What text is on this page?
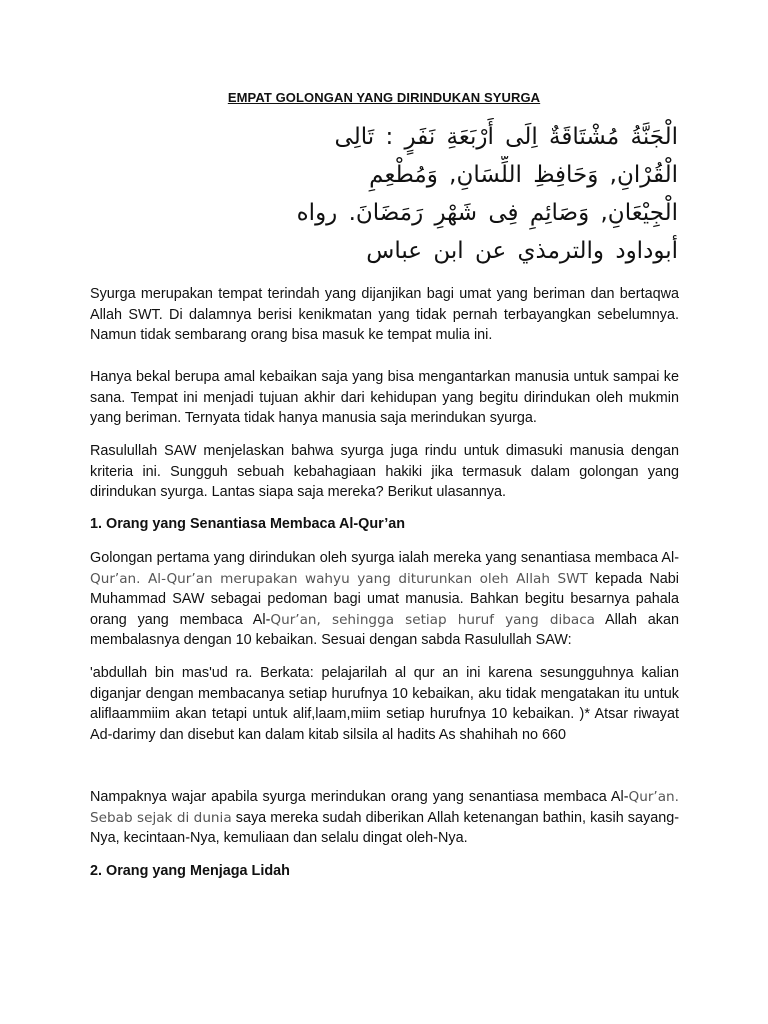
EMPAT GOLONGAN YANG DIRINDUKAN SYURGA
الْجَنَّةُ مُشْتَاقَةٌ اِلَى أَرْبَعَةِ نَفَرٍ : تَالِى
الْقُرْانِ, وَحَافِظِ اللِّسَانِ, وَمُطْعِمِ
الْجِيْعَانِ, وَصَائِمِ فِى شَهْرِ رَمَضَانَ. رواه
أبوداود والترمذي عن ابن عباس

Syurga merupakan tempat terindah yang dijanjikan bagi umat yang beriman dan bertaqwa Allah SWT. Di dalamnya berisi kenikmatan yang tidak pernah terbayangkan sebelumnya. Namun tidak sembarang orang bisa masuk ke tempat mulia ini.

Hanya bekal berupa amal kebaikan saja yang bisa mengantarkan manusia untuk sampai ke sana. Tempat ini menjadi tujuan akhir dari kehidupan yang begitu dirindukan oleh mukmin yang beriman. Ternyata tidak hanya manusia saja merindukan syurga.

Rasulullah SAW menjelaskan bahwa syurga juga rindu untuk dimasuki manusia dengan kriteria ini. Sungguh sebuah kebahagiaan hakiki jika termasuk dalam golongan yang dirindukan syurga. Lantas siapa saja mereka? Berikut ulasannya.

1. Orang yang Senantiasa Membaca Al-Qur’an

Golongan pertama yang dirindukan oleh syurga ialah mereka yang senantiasa membaca Al-Qur’an. Al-Qur’an merupakan wahyu yang diturunkan oleh Allah SWT kepada Nabi Muhammad SAW sebagai pedoman bagi umat manusia. Bahkan begitu besarnya pahala orang yang membaca Al-Qur’an, sehingga setiap huruf yang dibaca Allah akan membalasnya dengan 10 kebaikan. Sesuai dengan sabda Rasulullah SAW:

'abdullah bin mas'ud ra. Berkata: pelajarilah al qur an ini karena sesungguhnya kalian diganjar dengan membacanya setiap hurufnya 10 kebaikan, aku tidak mengatakan itu untuk aliflaammiim akan tetapi untuk alif,laam,miim setiap hurufnya 10 kebaikan. )* Atsar riwayat Ad-darimy dan disebut kan dalam kitab silsila al hadits As shahihah no 660

Nampaknya wajar apabila syurga merindukan orang yang senantiasa membaca Al-Qur’an. Sebab sejak di dunia saya mereka sudah diberikan Allah ketenangan bathin, kasih sayang-Nya, kecintaan-Nya, kemuliaan dan selalu dingat oleh-Nya.

2. Orang yang Menjaga Lidah
